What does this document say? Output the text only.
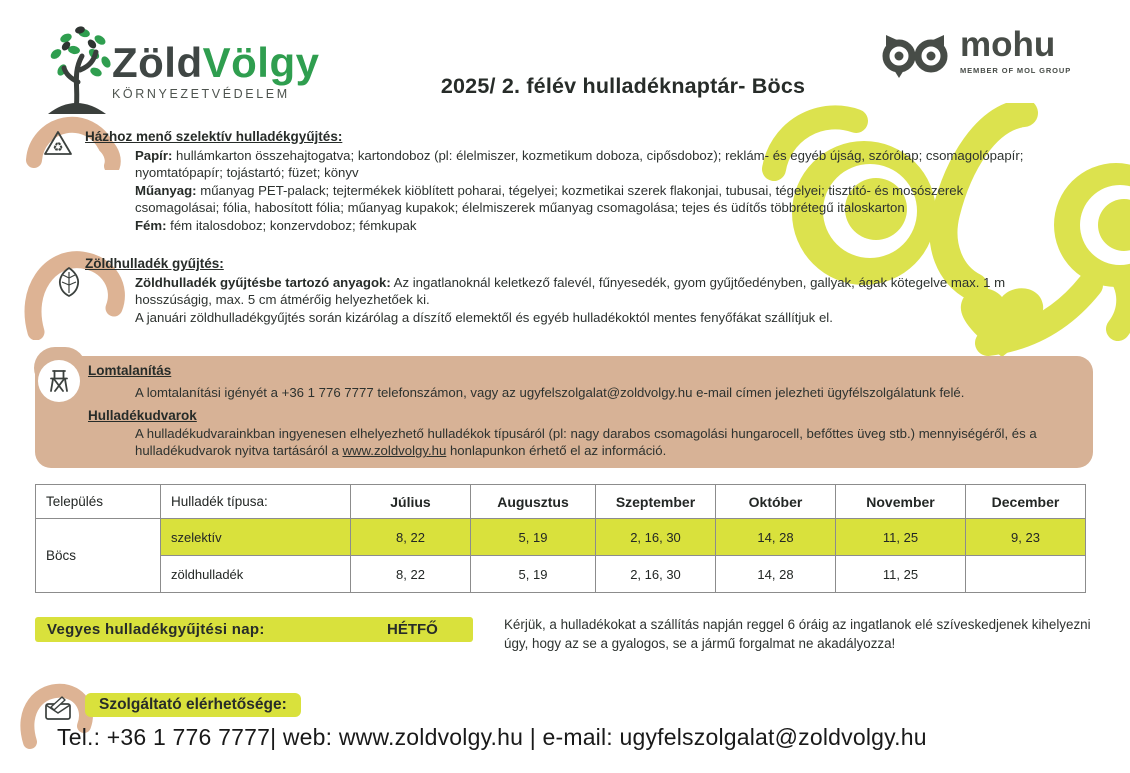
ZöldVölgy
KÖRNYEZETVÉDELEM	2025/ 2. félév hulladéknaptár- Böcs
mohu
MEMBER OF MOL GROUP
♻
Házhoz menő szelektív hulladékgyűjtés:
Papír: hullámkarton összehajtogatva; kartondoboz (pl: élelmiszer, kozmetikum doboza, cipősdoboz); reklám- és egyéb újság, szórólap; csomagolópapír; nyomtatópapír; tojástartó; füzet; könyv
Műanyag: műanyag PET-palack; tejtermékek kiöblített poharai, tégelyei; kozmetikai szerek flakonjai, tubusai, tégelyei; tisztító- és mosószerek csomagolásai; fólia, habosított fólia; műanyag kupakok; élelmiszerek műanyag csomagolása; tejes és üdítős többrétegű italoskarton
Fém: fém italosdoboz; konzervdoboz; fémkupak
Zöldhulladék gyűjtés:
Zöldhulladék gyűjtésbe tartozó anyagok: Az ingatlanoknál keletkező falevél, fűnyesedék, gyom gyűjtőedényben, gallyak, ágak kötegelve max. 1 m hosszúságig, max. 5 cm átmérőig helyezhetőek ki.
A januári zöldhulladékgyűjtés során kizárólag a díszítő elemektől és egyéb hulladékoktól mentes fenyőfákat szállítjuk el.
Lomtalanítás
A lomtalanítási igényét a +36 1 776 7777 telefonszámon, vagy az ugyfelszolgalat@zoldvolgy.hu e-mail címen jelezheti ügyfélszolgálatunk felé.
Hulladékudvarok
A hulladékudvarainkban ingyenesen elhelyezhető hulladékok típusáról (pl: nagy darabos csomagolási hungarocell, befőttes üveg stb.) mennyiségéről, és a hulladékudvarok nyitva tartásáról a www.zoldvolgy.hu honlapunkon érhető el az információ.
Település	Hulladék típusa:	Július	Augusztus	Szeptember	Október	November	December
Böcs	szelektív	8, 22	5, 19	2, 16, 30	14, 28	11, 25	9, 23
	zöldhulladék	8, 22	5, 19	2, 16, 30	14, 28	11, 25	
Vegyes hulladékgyűjtési nap:	HÉTFŐ	Kérjük, a hulladékokat a szállítás napján reggel 6 óráig az ingatlanok elé szíveskedjenek kihelyezni úgy, hogy az se a gyalogos, se a jármű forgalmat ne akadályozza!
Szolgáltató elérhetősége:
Tel.: +36 1 776 7777| web: www.zoldvolgy.hu | e-mail: ugyfelszolgalat@zoldvolgy.hu
